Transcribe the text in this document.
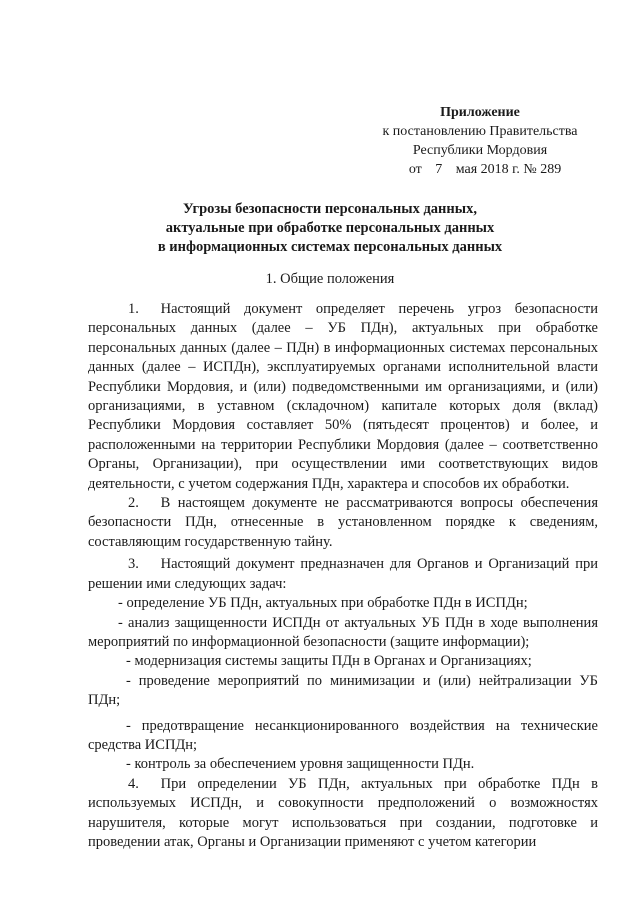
Приложение
к постановлению Правительства
Республики Мордовия
от 7 мая 2018 г. № 289
Угрозы безопасности персональных данных,
актуальные при обработке персональных данных
в информационных системах персональных данных
1. Общие положения

1.  Настоящий документ определяет перечень угроз безопасности персональных данных (далее – УБ ПДн), актуальных при обработке персональных данных (далее – ПДн) в информационных системах персональных данных (далее – ИСПДн), эксплуатируемых органами исполнительной власти Республики Мордовия, и (или) подведомственными им организациями, и (или) организациями, в уставном (складочном) капитале которых доля (вклад) Республики Мордовия составляет 50% (пятьдесят процентов) и более, и расположенными на территории Республики Мордовия (далее – соответственно Органы, Организации), при осуществлении ими соответствующих видов деятельности, с учетом содержания ПДн, характера и способов их обработки.

2.  В настоящем документе не рассматриваются вопросы обеспечения безопасности ПДн, отнесенные в установленном порядке к сведениям, составляющим государственную тайну.

3.  Настоящий документ предназначен для Органов и Организаций при решении ими следующих задач:

- определение УБ ПДн, актуальных при обработке ПДн в ИСПДн;

- анализ защищенности ИСПДн от актуальных УБ ПДн в ходе выполнения мероприятий по информационной безопасности (защите информации);

- модернизация системы защиты ПДн в Органах и Организациях;

- проведение мероприятий по минимизации и (или) нейтрализации УБ ПДн;

- предотвращение несанкционированного воздействия на технические средства ИСПДн;

- контроль за обеспечением уровня защищенности ПДн.

4.  При определении УБ ПДн, актуальных при обработке ПДн в используемых ИСПДн, и совокупности предположений о возможностях нарушителя, которые могут использоваться при создании, подготовке и проведении атак, Органы и Организации применяют с учетом категории
